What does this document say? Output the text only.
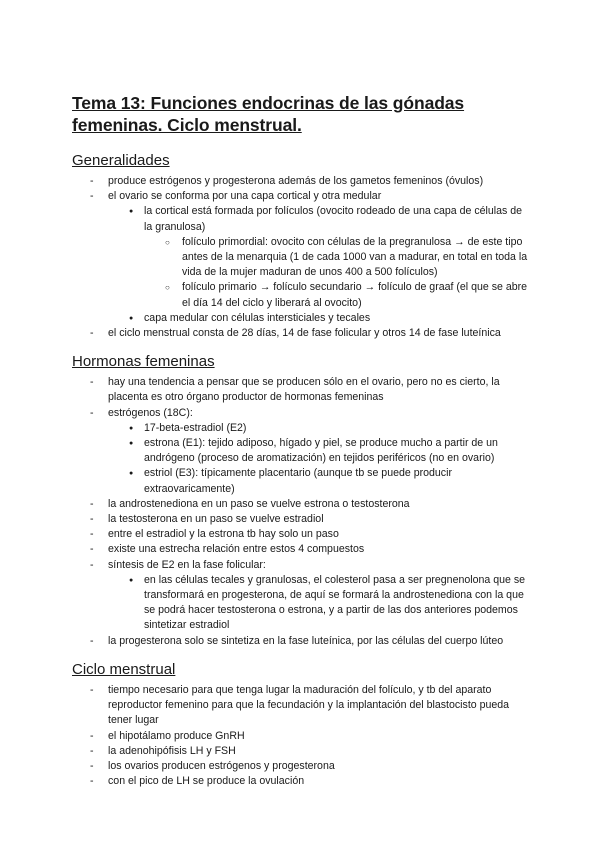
Tema 13: Funciones endocrinas de las gónadas femeninas. Ciclo menstrual.
Generalidades
- produce estrógenos y progesterona además de los gametos femeninos (óvulos)
- el ovario se conforma por una capa cortical y otra medular
● la cortical está formada por folículos (ovocito rodeado de una capa de células de la granulosa)
○ folículo primordial: ovocito con células de la pregranulosa → de este tipo antes de la menarquia (1 de cada 1000 van a madurar, en total en toda la vida de la mujer maduran de unos 400 a 500 folículos)
○ folículo primario → folículo secundario → folículo de graaf (el que se abre el día 14 del ciclo y liberará al ovocito)
● capa medular con células intersticiales y tecales
- el ciclo menstrual consta de 28 días, 14 de fase folicular y otros 14 de fase luteínica
Hormonas femeninas
- hay una tendencia a pensar que se producen sólo en el ovario, pero no es cierto, la placenta es otro órgano productor de hormonas femeninas
- estrógenos (18C):
● 17-beta-estradiol (E2)
● estrona (E1): tejido adiposo, hígado y piel, se produce mucho a partir de un andrógeno (proceso de aromatización) en tejidos periféricos (no en ovario)
● estriol (E3): típicamente placentario (aunque tb se puede producir extraovaricamente)
- la androstenediona en un paso se vuelve estrona o testosterona
- la testosterona en un paso se vuelve estradiol
- entre el estradiol y la estrona tb hay solo un paso
- existe una estrecha relación entre estos 4 compuestos
- síntesis de E2 en la fase folicular:
● en las células tecales y granulosas, el colesterol pasa a ser pregnenolona que se transformará en progesterona, de aquí se formará la androstenediona con la que se podrá hacer testosterona o estrona, y a partir de las dos anteriores podemos sintetizar estradiol
- la progesterona solo se sintetiza en la fase luteínica, por las células del cuerpo lúteo
Ciclo menstrual
- tiempo necesario para que tenga lugar la maduración del folículo, y tb del aparato reproductor femenino para que la fecundación y la implantación del blastocisto pueda tener lugar
- el hipotálamo produce GnRH
- la adenohipófisis LH y FSH
- los ovarios producen estrógenos y progesterona
- con el pico de LH se produce la ovulación
